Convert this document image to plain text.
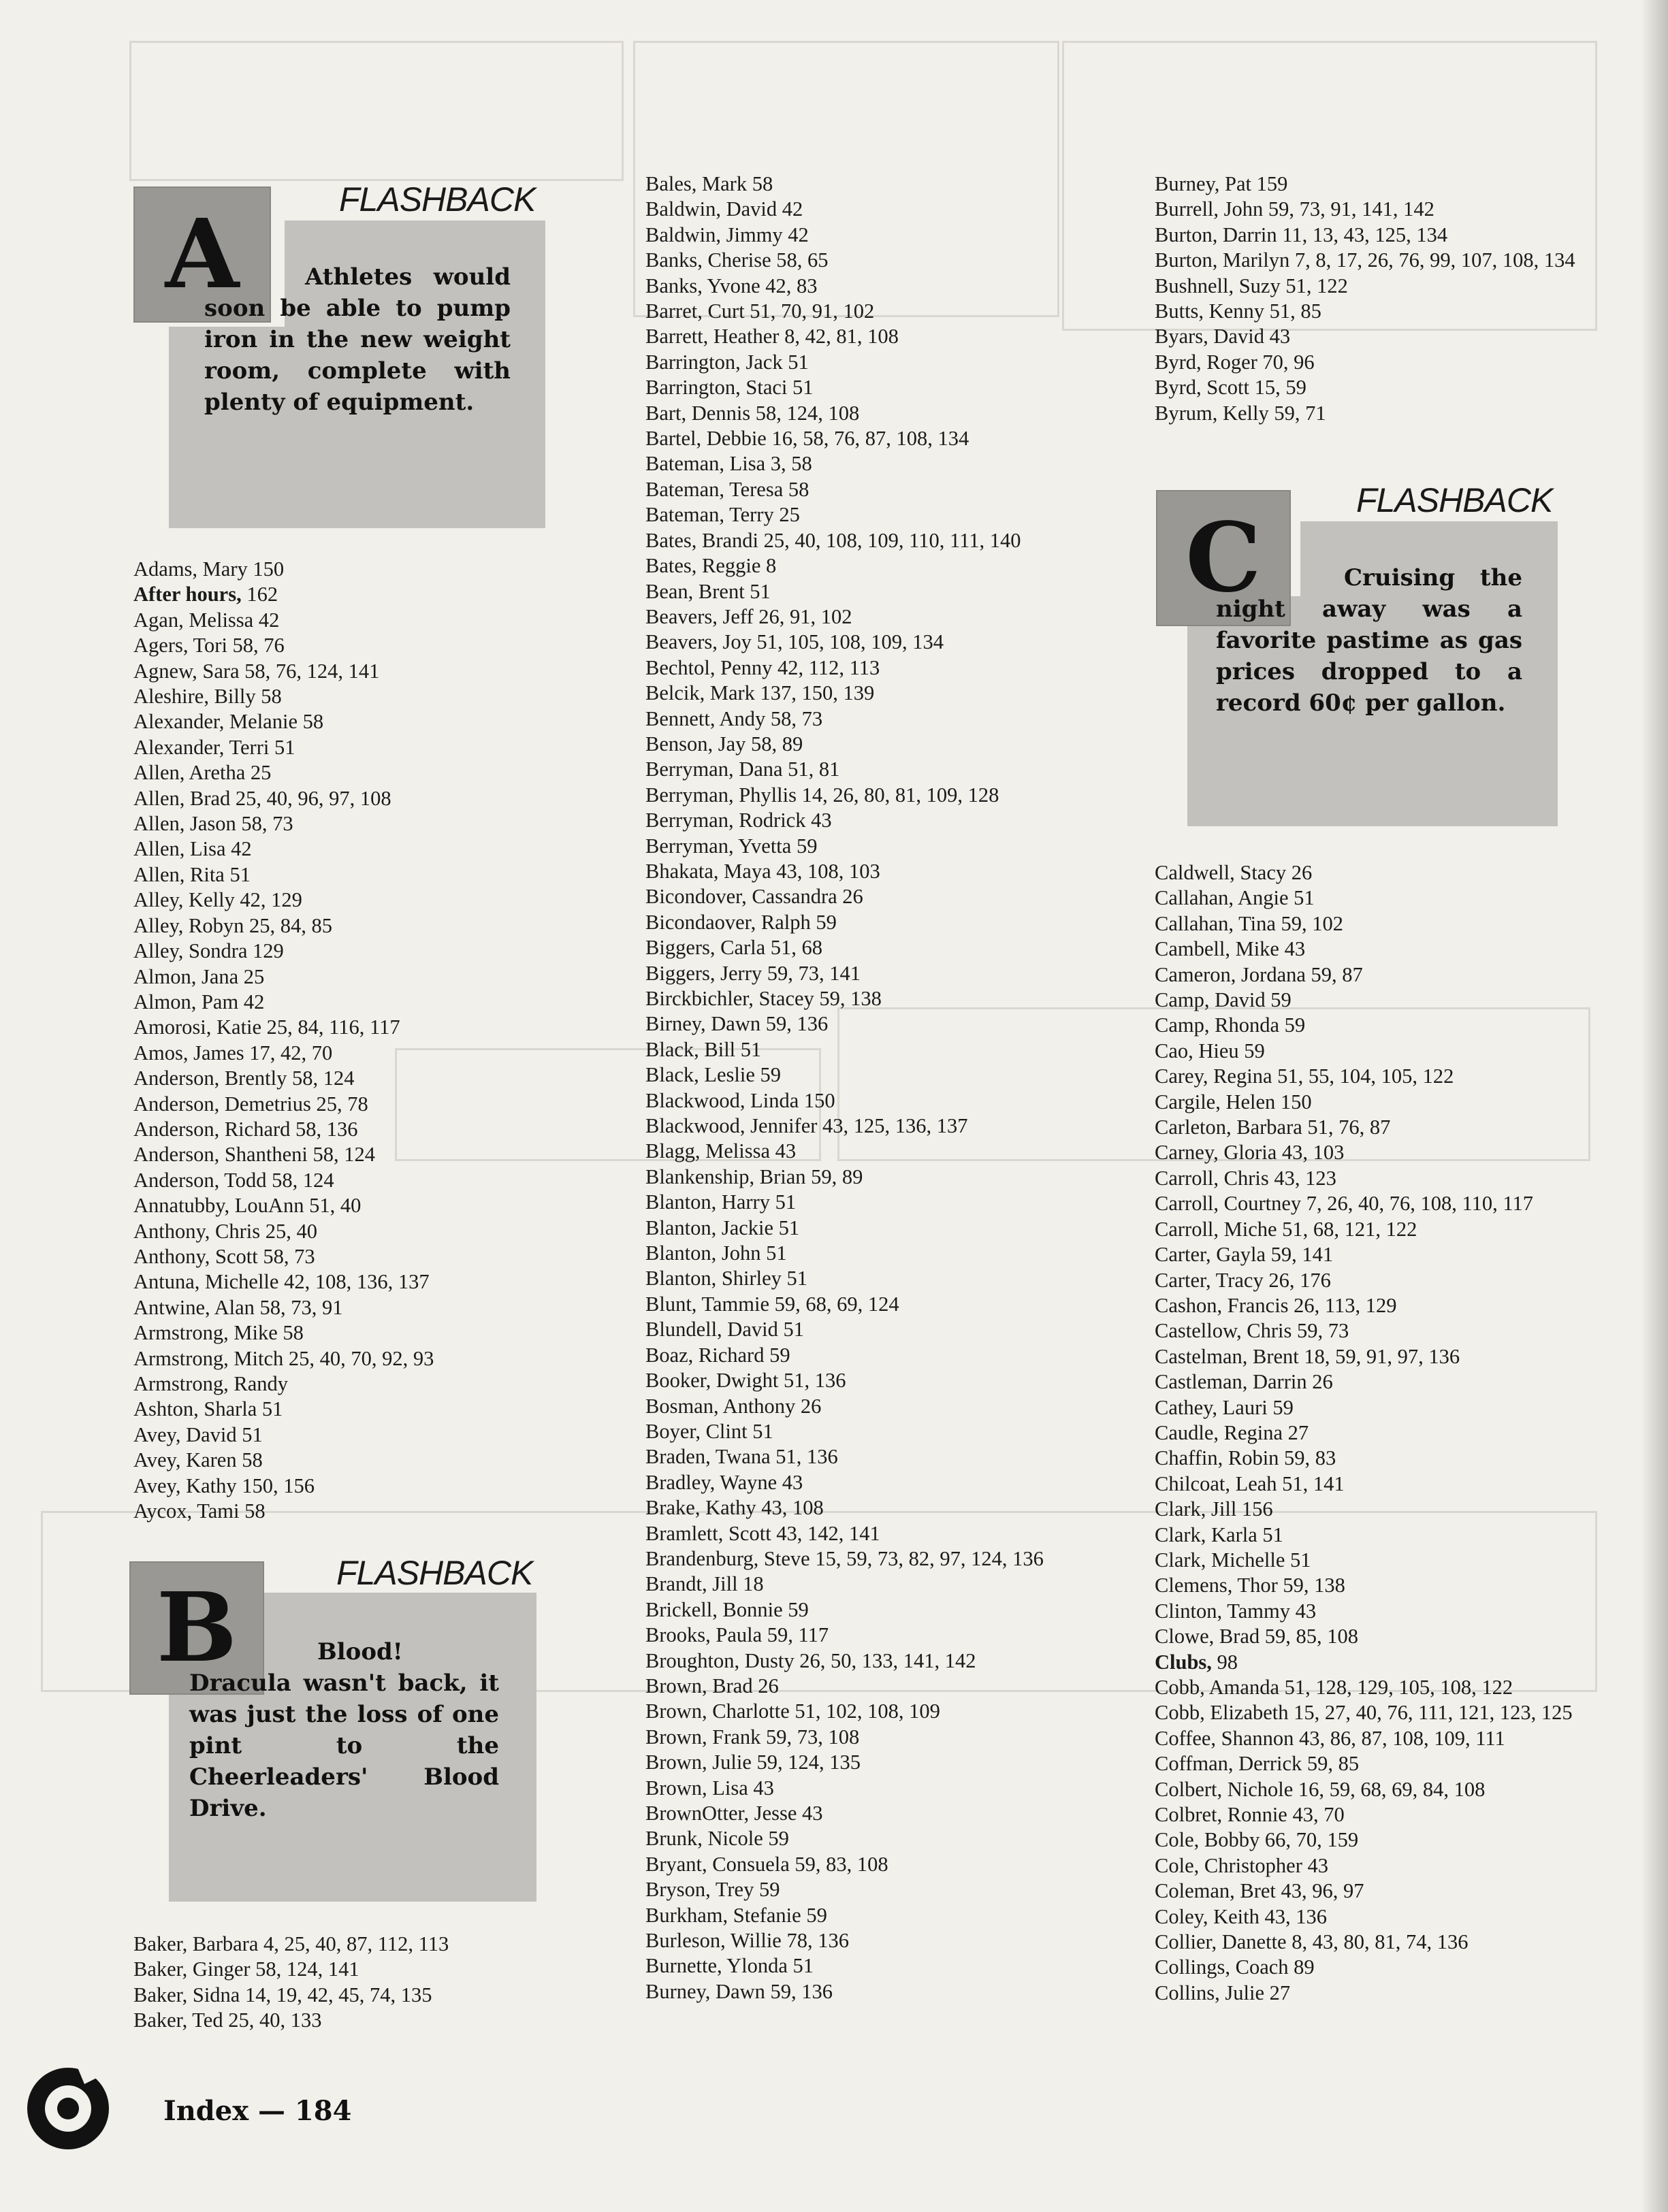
A	FLASHBACK
Athletes would soon be able to pump iron in the new weight room, complete with plenty of equipment.
B	FLASHBACK
Blood! Dracula wasn't back, it was just the loss of one pint to the Cheerleaders' Blood Drive.
C
FLASHBACK
Cruising the night away was a favorite pastime as gas prices dropped to a record 60¢ per gallon.
Adams, Mary 150
After hours, 162
Agan, Melissa 42
Agers, Tori 58, 76
Agnew, Sara 58, 76, 124, 141
Aleshire, Billy 58
Alexander, Melanie 58
Alexander, Terri 51
Allen, Aretha 25
Allen, Brad 25, 40, 96, 97, 108
Allen, Jason 58, 73
Allen, Lisa 42
Allen, Rita 51
Alley, Kelly 42, 129
Alley, Robyn 25, 84, 85
Alley, Sondra 129
Almon, Jana 25
Almon, Pam 42
Amorosi, Katie 25, 84, 116, 117
Amos, James 17, 42, 70
Anderson, Brently 58, 124
Anderson, Demetrius 25, 78
Anderson, Richard 58, 136
Anderson, Shantheni 58, 124
Anderson, Todd 58, 124
Annatubby, LouAnn 51, 40
Anthony, Chris 25, 40
Anthony, Scott 58, 73
Antuna, Michelle 42, 108, 136, 137
Antwine, Alan 58, 73, 91
Armstrong, Mike 58
Armstrong, Mitch 25, 40, 70, 92, 93
Armstrong, Randy
Ashton, Sharla 51
Avey, David 51
Avey, Karen 58
Avey, Kathy 150, 156
Aycox, Tami 58
Baker, Barbara 4, 25, 40, 87, 112, 113
Baker, Ginger 58, 124, 141
Baker, Sidna 14, 19, 42, 45, 74, 135
Baker, Ted 25, 40, 133
Bales, Mark 58
Baldwin, David 42
Baldwin, Jimmy 42
Banks, Cherise 58, 65
Banks, Yvone 42, 83
Barret, Curt 51, 70, 91, 102
Barrett, Heather 8, 42, 81, 108
Barrington, Jack 51
Barrington, Staci 51
Bart, Dennis 58, 124, 108
Bartel, Debbie 16, 58, 76, 87, 108, 134
Bateman, Lisa 3, 58
Bateman, Teresa 58
Bateman, Terry 25
Bates, Brandi 25, 40, 108, 109, 110, 111, 140
Bates, Reggie 8
Bean, Brent 51
Beavers, Jeff 26, 91, 102
Beavers, Joy 51, 105, 108, 109, 134
Bechtol, Penny 42, 112, 113
Belcik, Mark 137, 150, 139
Bennett, Andy 58, 73
Benson, Jay 58, 89
Berryman, Dana 51, 81
Berryman, Phyllis 14, 26, 80, 81, 109, 128
Berryman, Rodrick 43
Berryman, Yvetta 59
Bhakata, Maya 43, 108, 103
Bicondover, Cassandra 26
Bicondaover, Ralph 59
Biggers, Carla 51, 68
Biggers, Jerry 59, 73, 141
Birckbichler, Stacey 59, 138
Birney, Dawn 59, 136
Black, Bill 51
Black, Leslie 59
Blackwood, Linda 150
Blackwood, Jennifer 43, 125, 136, 137
Blagg, Melissa 43
Blankenship, Brian 59, 89
Blanton, Harry 51
Blanton, Jackie 51
Blanton, John 51
Blanton, Shirley 51
Blunt, Tammie 59, 68, 69, 124
Blundell, David 51
Boaz, Richard 59
Booker, Dwight 51, 136
Bosman, Anthony 26
Boyer, Clint 51
Braden, Twana 51, 136
Bradley, Wayne 43
Brake, Kathy 43, 108
Bramlett, Scott 43, 142, 141
Brandenburg, Steve 15, 59, 73, 82, 97, 124, 136
Brandt, Jill 18
Brickell, Bonnie 59
Brooks, Paula 59, 117
Broughton, Dusty 26, 50, 133, 141, 142
Brown, Brad 26
Brown, Charlotte 51, 102, 108, 109
Brown, Frank 59, 73, 108
Brown, Julie 59, 124, 135
Brown, Lisa 43
BrownOtter, Jesse 43
Brunk, Nicole 59
Bryant, Consuela 59, 83, 108
Bryson, Trey 59
Burkham, Stefanie 59
Burleson, Willie 78, 136
Burnette, Ylonda 51
Burney, Dawn 59, 136
Burney, Pat 159
Burrell, John 59, 73, 91, 141, 142
Burton, Darrin 11, 13, 43, 125, 134
Burton, Marilyn 7, 8, 17, 26, 76, 99, 107, 108, 134
Bushnell, Suzy 51, 122
Butts, Kenny 51, 85
Byars, David 43
Byrd, Roger 70, 96
Byrd, Scott 15, 59
Byrum, Kelly 59, 71
Caldwell, Stacy 26
Callahan, Angie 51
Callahan, Tina 59, 102
Cambell, Mike 43
Cameron, Jordana 59, 87
Camp, David 59
Camp, Rhonda 59
Cao, Hieu 59
Carey, Regina 51, 55, 104, 105, 122
Cargile, Helen 150
Carleton, Barbara 51, 76, 87
Carney, Gloria 43, 103
Carroll, Chris 43, 123
Carroll, Courtney 7, 26, 40, 76, 108, 110, 117
Carroll, Miche 51, 68, 121, 122
Carter, Gayla 59, 141
Carter, Tracy 26, 176
Cashon, Francis 26, 113, 129
Castellow, Chris 59, 73
Castelman, Brent 18, 59, 91, 97, 136
Castleman, Darrin 26
Cathey, Lauri 59
Caudle, Regina 27
Chaffin, Robin 59, 83
Chilcoat, Leah 51, 141
Clark, Jill 156
Clark, Karla 51
Clark, Michelle 51
Clemens, Thor 59, 138
Clinton, Tammy 43
Clowe, Brad 59, 85, 108
Clubs, 98
Cobb, Amanda 51, 128, 129, 105, 108, 122
Cobb, Elizabeth 15, 27, 40, 76, 111, 121, 123, 125
Coffee, Shannon 43, 86, 87, 108, 109, 111
Coffman, Derrick 59, 85
Colbert, Nichole 16, 59, 68, 69, 84, 108
Colbret, Ronnie 43, 70
Cole, Bobby 66, 70, 159
Cole, Christopher 43
Coleman, Bret 43, 96, 97
Coley, Keith 43, 136
Collier, Danette 8, 43, 80, 81, 74, 136
Collings, Coach 89
Collins, Julie 27
Index — 184
